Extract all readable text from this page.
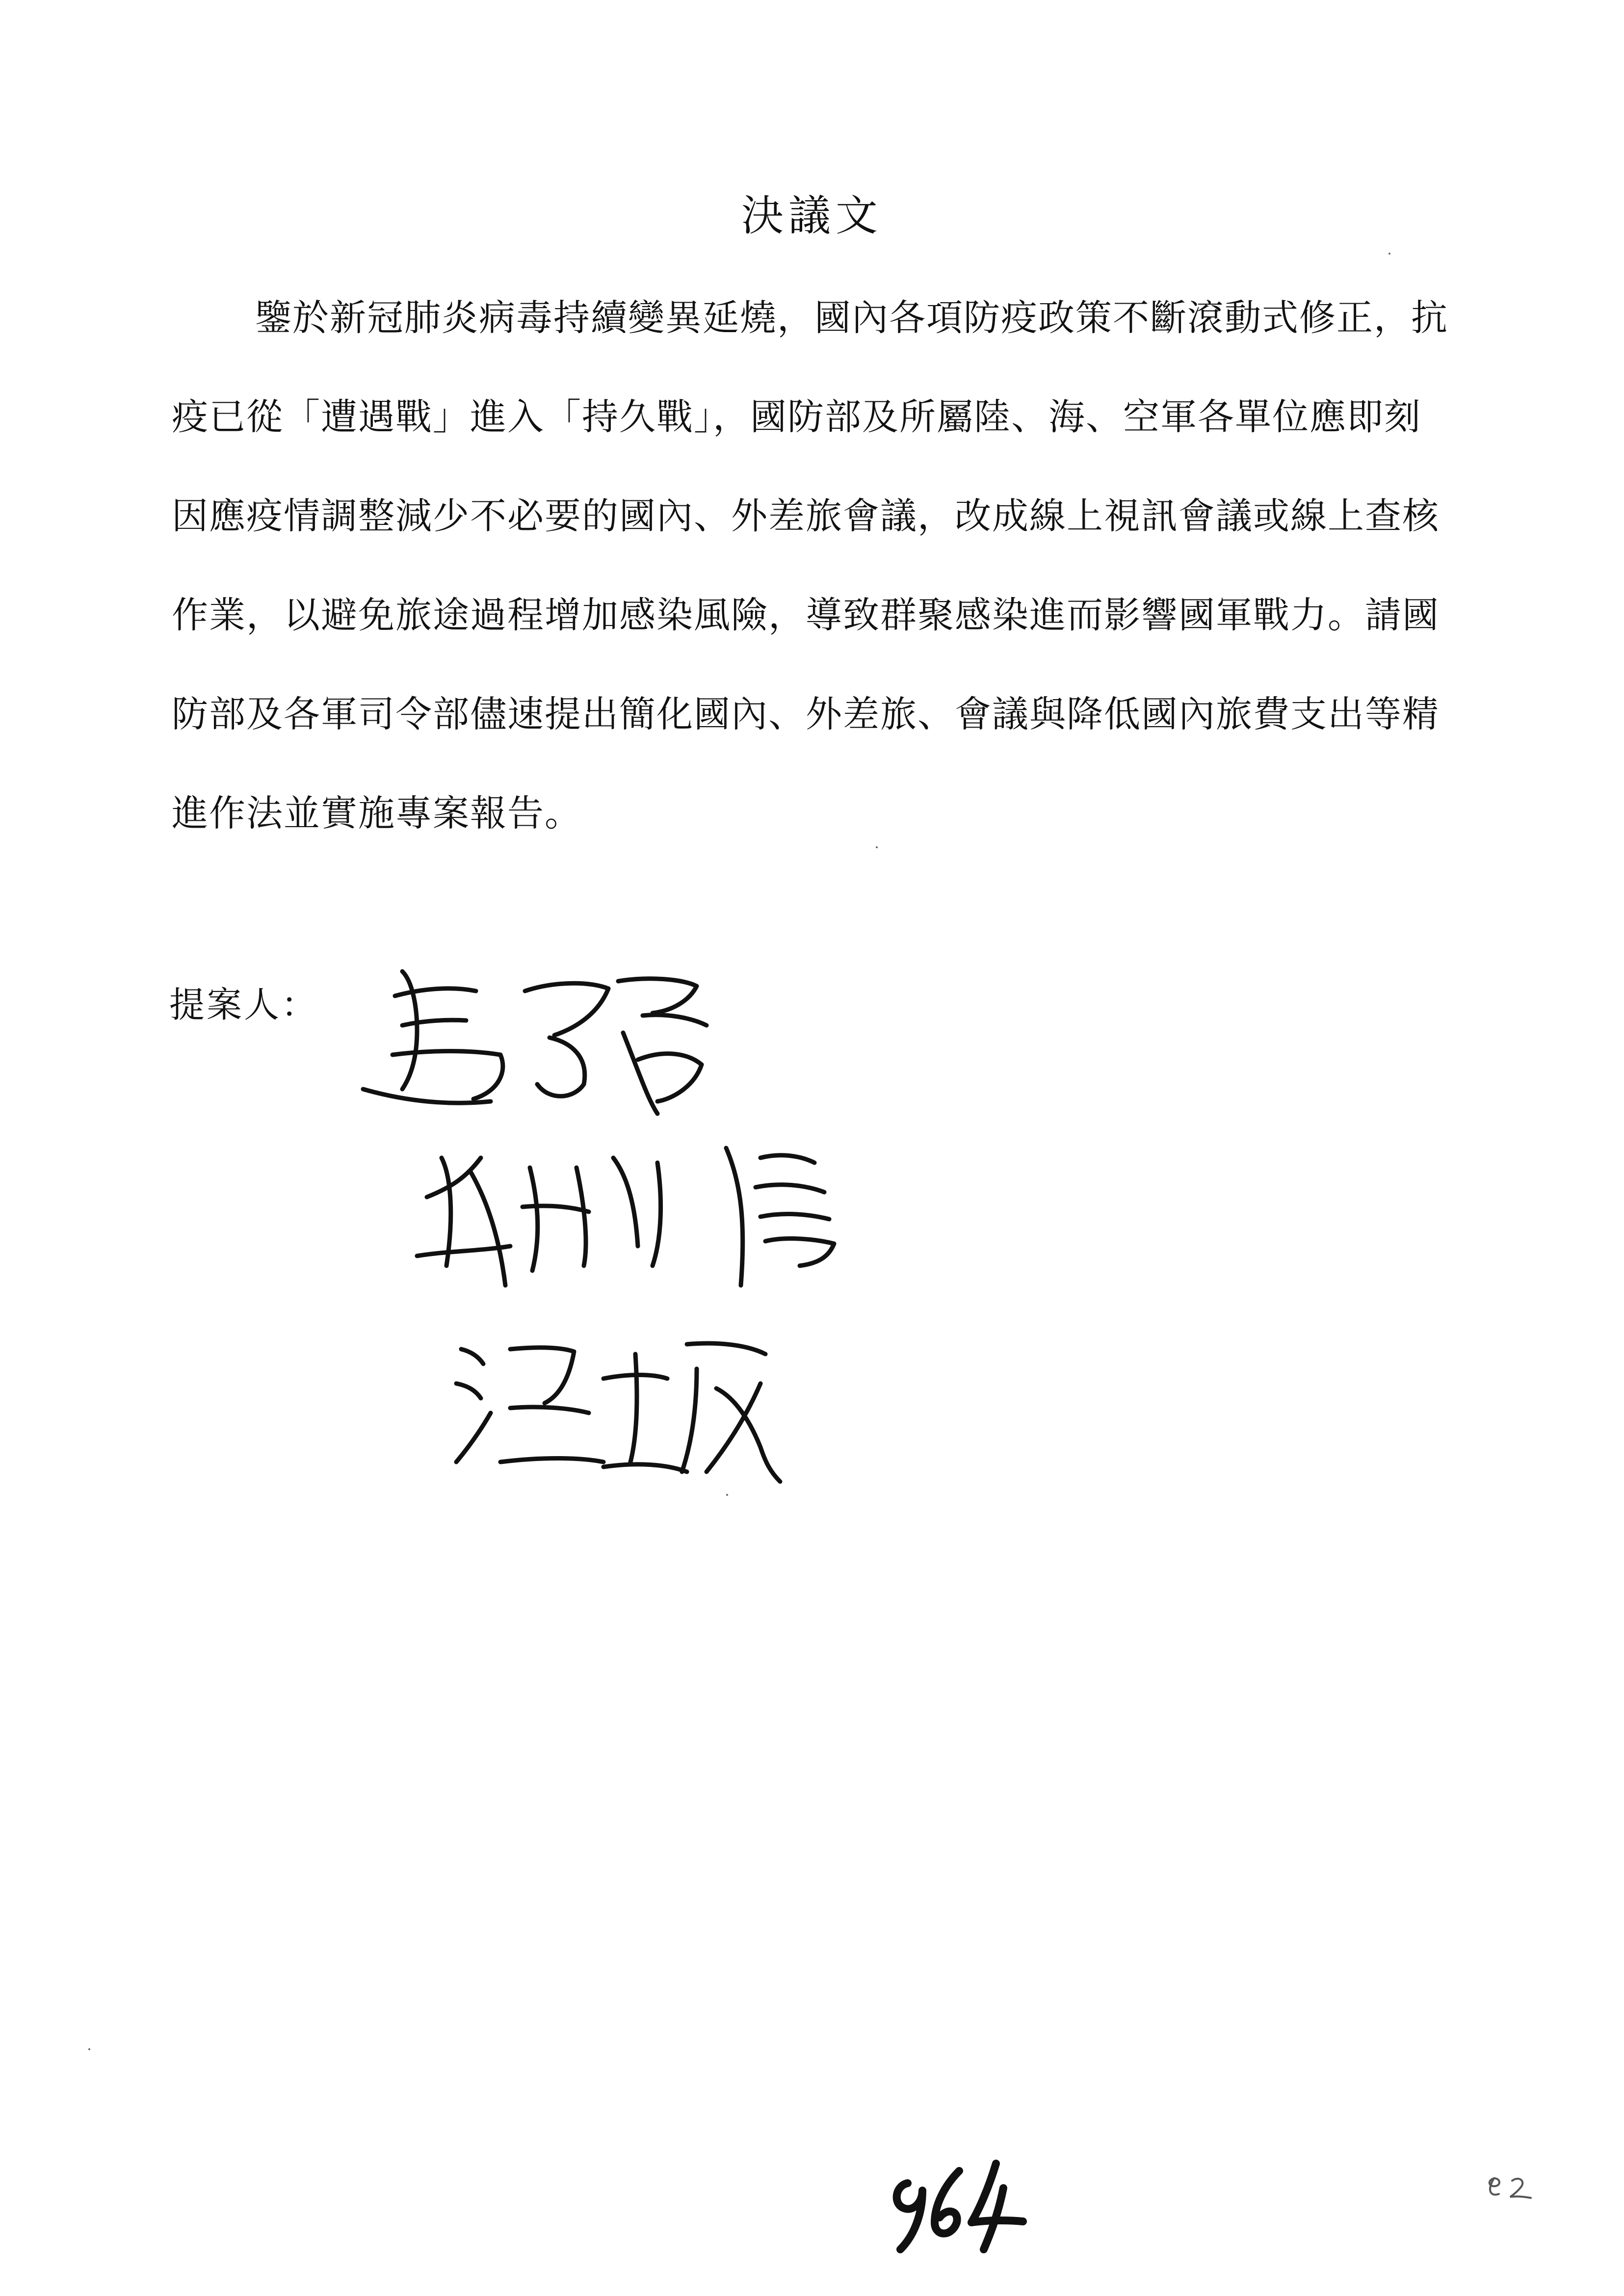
決議文
鑒於新冠肺炎病毒持續變異延燒，國內各項防疫政策不斷滾動式修正，抗
疫已從「遭遇戰」進入「持久戰」，國防部及所屬陸、海、空軍各單位應即刻
因應疫情調整減少不必要的國內、外差旅會議，改成線上視訊會議或線上查核
作業，以避免旅途過程增加感染風險，導致群聚感染進而影響國軍戰力。請國
防部及各軍司令部儘速提出簡化國內、外差旅、會議與降低國內旅費支出等精
進作法並實施專案報告。
提案人：
